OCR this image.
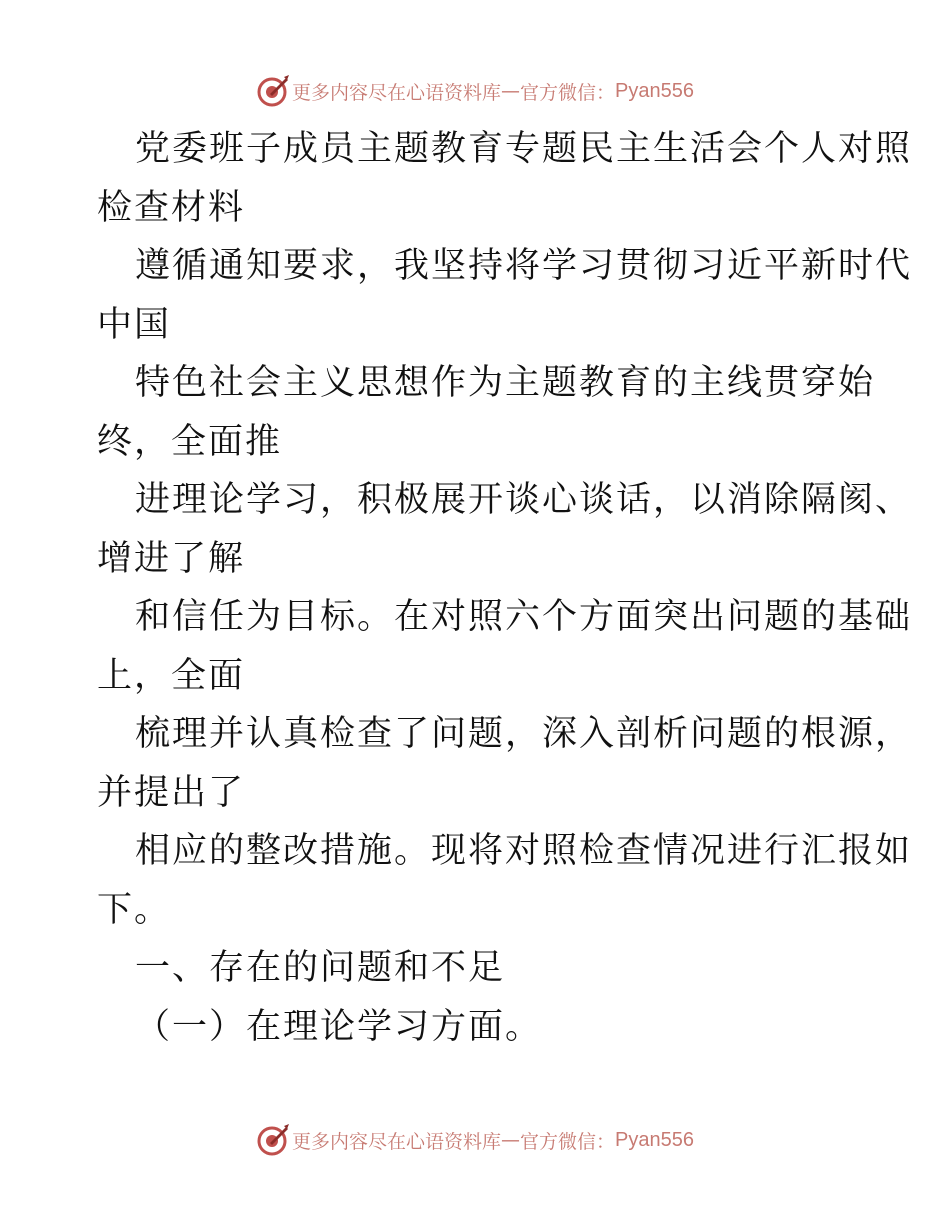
更多内容尽在心语资料库 — 官方微信： Pyan556
党委班子成员主题教育专题民主生活会个人对照
检查材料
遵循通知要求，我坚持将学习贯彻习近平新时代
中国
特色社会主义思想作为主题教育的主线贯穿始
终，全面推
进理论学习，积极展开谈心谈话，以消除隔阂、
增进了解
和信任为目标。在对照六个方面突出问题的基础
上，全面
梳理并认真检查了问题，深入剖析问题的根源，
并提出了
相应的整改措施。现将对照检查情况进行汇报如
下。
一、存在的问题和不足
（一）在理论学习方面。
更多内容尽在心语资料库 — 官方微信： Pyan556
